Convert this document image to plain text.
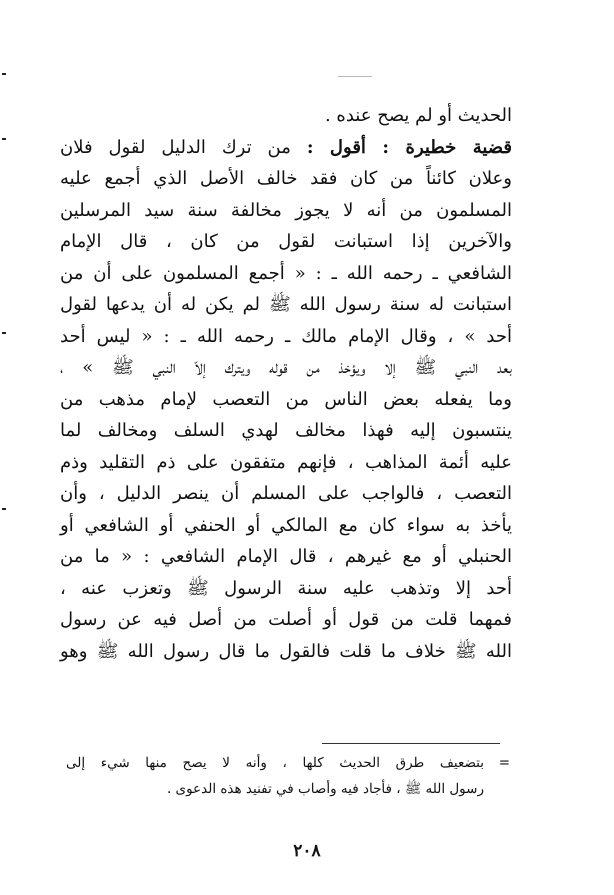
الحديث أو لم يصح عنده .
قضية خطيرة : أقول : من ترك الدليل لقول فلان
وعلان كائناً من كان فقد خالف الأصل الذي أجمع عليه
المسلمون من أنه لا يجوز مخالفة سنة سيد المرسلين
والآخرين إذا استبانت لقول من كان ، قال الإمام
الشافعي ـ رحمه الله ـ : « أجمع المسلمون على أن من
استبانت له سنة رسول الله ﷺ لم يكن له أن يدعها لقول
أحد » ، وقال الإمام مالك ـ رحمه الله ـ : « ليس أحد
بعد النبي ﷺ إلا ويؤخذ من قوله ويترك إلاّ النبي ﷺ » ،
وما يفعله بعض الناس من التعصب لإمام مذهب من
ينتسبون إليه فهذا مخالف لهدي السلف ومخالف لما
عليه أئمة المذاهب ، فإنهم متفقون على ذم التقليد وذم
التعصب ، فالواجب على المسلم أن ينصر الدليل ، وأن
يأخذ به سواء كان مع المالكي أو الحنفي أو الشافعي أو
الحنبلي أو مع غيرهم ، قال الإمام الشافعي : « ما من
أحد إلا وتذهب عليه سنة الرسول ﷺ وتعزب عنه ،
فمهما قلت من قول أو أصلت من أصل فيه عن رسول
الله ﷺ خلاف ما قلت فالقول ما قال رسول الله ﷺ وهو
=
بتضعيف طرق الحديث كلها ، وأنه لا يصح منها شيء إلى
رسول الله ﷺ ، فأجاد فيه وأصاب في تفنيد هذه الدعوى .
٢٠٨
